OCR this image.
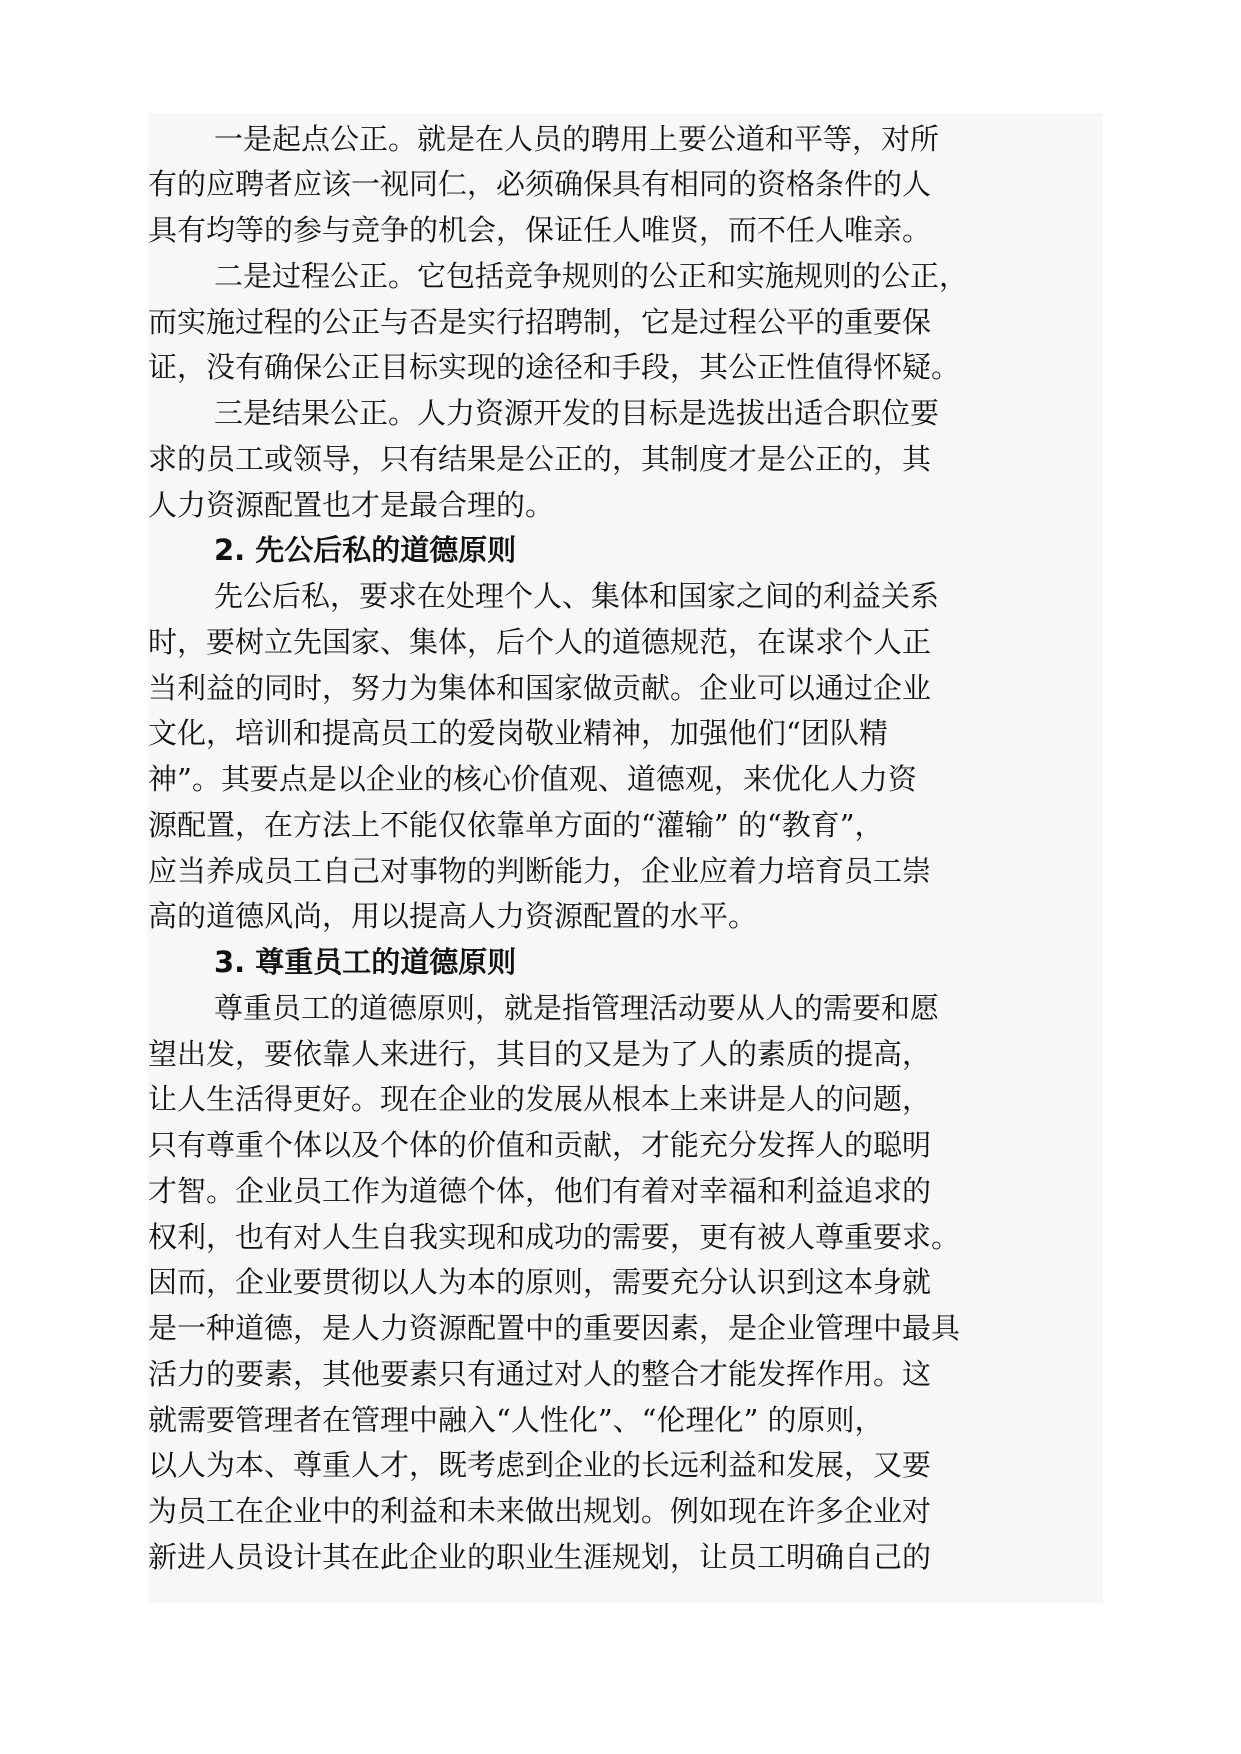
一是起点公正。就是在人员的聘用上要公道和平等，对所
有的应聘者应该一视同仁，必须确保具有相同的资格条件的人
具有均等的参与竞争的机会，保证任人唯贤，而不任人唯亲。
二是过程公正。它包括竞争规则的公正和实施规则的公正，
而实施过程的公正与否是实行招聘制，它是过程公平的重要保
证，没有确保公正目标实现的途径和手段，其公正性值得怀疑。
三是结果公正。人力资源开发的目标是选拔出适合职位要
求的员工或领导，只有结果是公正的，其制度才是公正的，其
人力资源配置也才是最合理的。
2. 先公后私的道德原则
先公后私，要求在处理个人、集体和国家之间的利益关系
时，要树立先国家、集体，后个人的道德规范，在谋求个人正
当利益的同时，努力为集体和国家做贡献。企业可以通过企业
文化，培训和提高员工的爱岗敬业精神，加强他们“团队精
神”。其要点是以企业的核心价值观、道德观，来优化人力资
源配置，在方法上不能仅依靠单方面的“灌输” 的“教育”，
应当养成员工自己对事物的判断能力，企业应着力培育员工崇
高的道德风尚，用以提高人力资源配置的水平。
3. 尊重员工的道德原则
尊重员工的道德原则，就是指管理活动要从人的需要和愿
望出发，要依靠人来进行，其目的又是为了人的素质的提高，
让人生活得更好。现在企业的发展从根本上来讲是人的问题，
只有尊重个体以及个体的价值和贡献，才能充分发挥人的聪明
才智。企业员工作为道德个体，他们有着对幸福和利益追求的
权利，也有对人生自我实现和成功的需要，更有被人尊重要求。
因而，企业要贯彻以人为本的原则，需要充分认识到这本身就
是一种道德，是人力资源配置中的重要因素，是企业管理中最具
活力的要素，其他要素只有通过对人的整合才能发挥作用。这
就需要管理者在管理中融入“人性化”、“伦理化” 的原则，
以人为本、尊重人才，既考虑到企业的长远利益和发展，又要
为员工在企业中的利益和未来做出规划。例如现在许多企业对
新进人员设计其在此企业的职业生涯规划，让员工明确自己的
